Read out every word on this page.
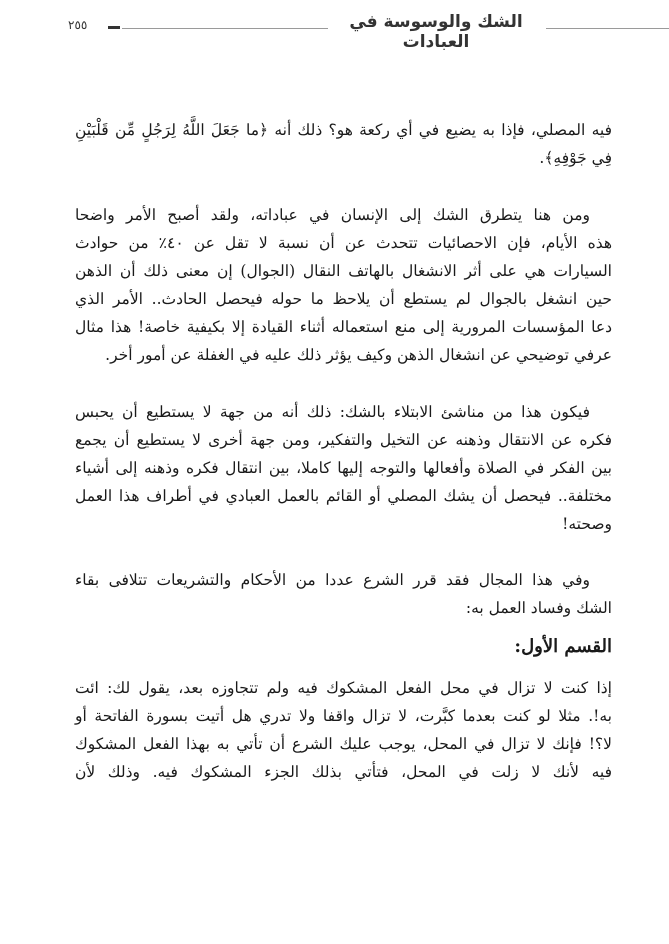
٢٥٥	الشك والوسوسة في العبادات
فيه المصلي، فإذا به يضيع في أي ركعة هو؟ ذلك أنه ﴿ما جَعَلَ اللَّهُ لِرَجُلٍ مِّن قَلْبَيْنِ
فِي جَوْفِهِ﴾.
ومن هنا يتطرق الشك إلى الإنسان في عباداته، ولقد أصبح الأمر واضحا
هذه الأيام، فإن الاحصائيات تتحدث عن أن نسبة لا تقل عن ٤٠٪ من حوادث
السيارات هي على أثر الانشغال بالهاتف النقال (الجوال) إن معنى ذلك أن الذهن
حين انشغل بالجوال لم يستطع أن يلاحظ ما حوله فيحصل الحادث.. الأمر الذي
دعا المؤسسات المرورية إلى منع استعماله أثناء القيادة إلا بكيفية خاصة! هذا مثال
عرفي توضيحي عن انشغال الذهن وكيف يؤثر ذلك عليه في الغفلة عن أمور أخر.
فيكون هذا من مناشئ الابتلاء بالشك: ذلك أنه من جهة لا يستطيع أن يحبس
فكره عن الانتقال وذهنه عن التخيل والتفكير، ومن جهة أخرى لا يستطيع أن يجمع
بين الفكر في الصلاة وأفعالها والتوجه إليها كاملا، بين انتقال فكره وذهنه إلى أشياء
مختلفة.. فيحصل أن يشك المصلي أو القائم بالعمل العبادي في أطراف هذا العمل
وصحته!
وفي هذا المجال فقد قرر الشرع عددا من الأحكام والتشريعات تتلافى بقاء
الشك وفساد العمل به:
إذا كنت لا تزال في محل الفعل المشكوك فيه ولم تتجاوزه بعد، يقول لك: ائت
به!. مثلا لو كنت بعدما كبَّرت، لا تزال واقفا ولا تدري هل أتيت بسورة الفاتحة أو
لا؟! فإنك لا تزال في المحل، يوجب عليك الشرع أن تأتي به بهذا الفعل المشكوك
فيه لأنك لا زلت في المحل، فتأتي بذلك الجزء المشكوك فيه. وذلك لأن
القسم الأول:
